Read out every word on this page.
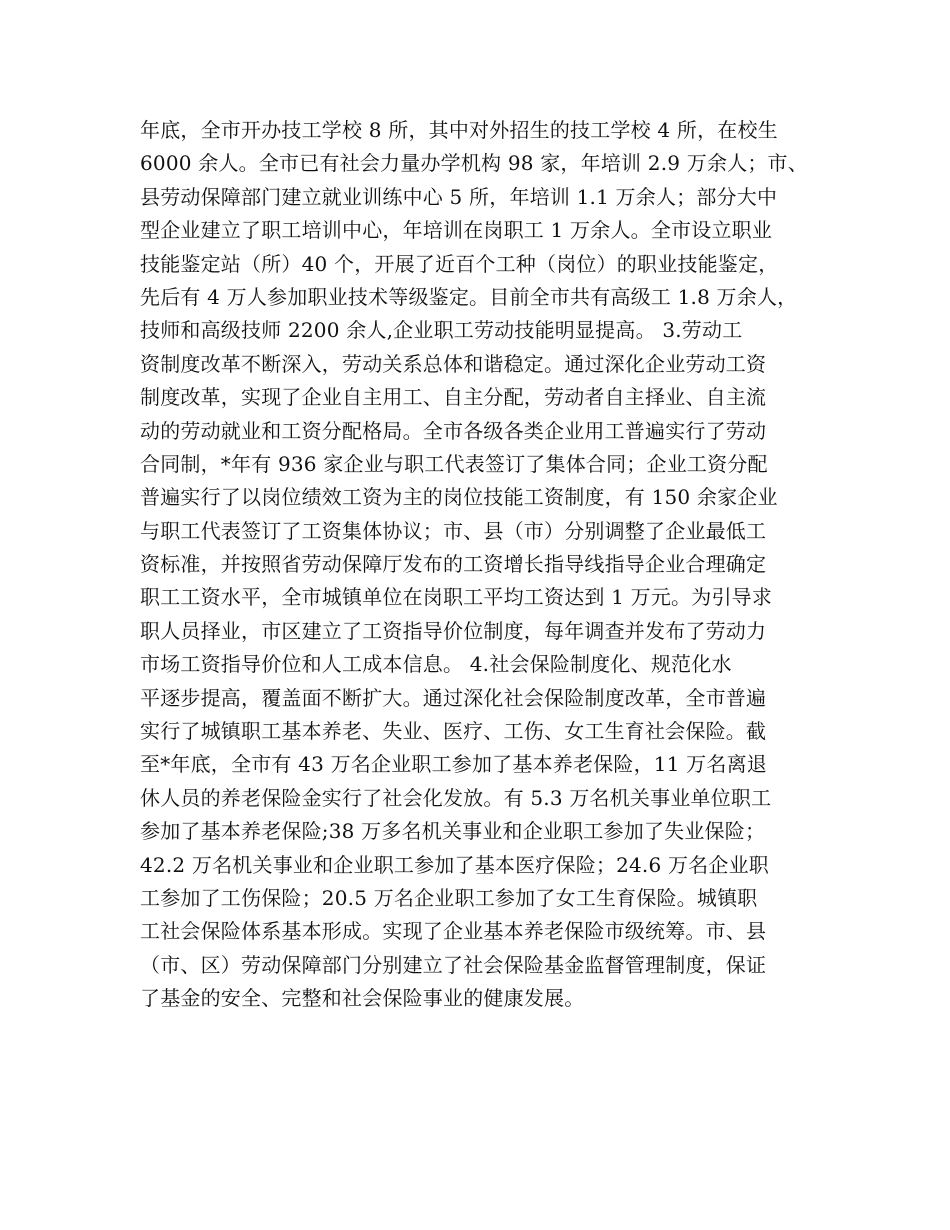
年底，全市开办技工学校 8 所，其中对外招生的技工学校 4 所，在校生
6000 余人。全市已有社会力量办学机构 98 家，年培训 2.9 万余人；市、
县劳动保障部门建立就业训练中心 5 所，年培训 1.1 万余人；部分大中
型企业建立了职工培训中心，年培训在岗职工 1 万余人。全市设立职业
技能鉴定站（所）40 个，开展了近百个工种（岗位）的职业技能鉴定，
先后有 4 万人参加职业技术等级鉴定。目前全市共有高级工 1.8 万余人，
技师和高级技师 2200 余人,企业职工劳动技能明显提高。 3.劳动工
资制度改革不断深入，劳动关系总体和谐稳定。通过深化企业劳动工资
制度改革，实现了企业自主用工、自主分配，劳动者自主择业、自主流
动的劳动就业和工资分配格局。全市各级各类企业用工普遍实行了劳动
合同制，*年有 936 家企业与职工代表签订了集体合同；企业工资分配
普遍实行了以岗位绩效工资为主的岗位技能工资制度，有 150 余家企业
与职工代表签订了工资集体协议；市、县（市）分别调整了企业最低工
资标准，并按照省劳动保障厅发布的工资增长指导线指导企业合理确定
职工工资水平，全市城镇单位在岗职工平均工资达到 1 万元。为引导求
职人员择业，市区建立了工资指导价位制度，每年调查并发布了劳动力
市场工资指导价位和人工成本信息。 4.社会保险制度化、规范化水
平逐步提高，覆盖面不断扩大。通过深化社会保险制度改革，全市普遍
实行了城镇职工基本养老、失业、医疗、工伤、女工生育社会保险。截
至*年底，全市有 43 万名企业职工参加了基本养老保险，11 万名离退
休人员的养老保险金实行了社会化发放。有 5.3 万名机关事业单位职工
参加了基本养老保险;38 万多名机关事业和企业职工参加了失业保险；
42.2 万名机关事业和企业职工参加了基本医疗保险；24.6 万名企业职
工参加了工伤保险；20.5 万名企业职工参加了女工生育保险。城镇职
工社会保险体系基本形成。实现了企业基本养老保险市级统筹。市、县
（市、区）劳动保障部门分别建立了社会保险基金监督管理制度，保证
了基金的安全、完整和社会保险事业的健康发展。
